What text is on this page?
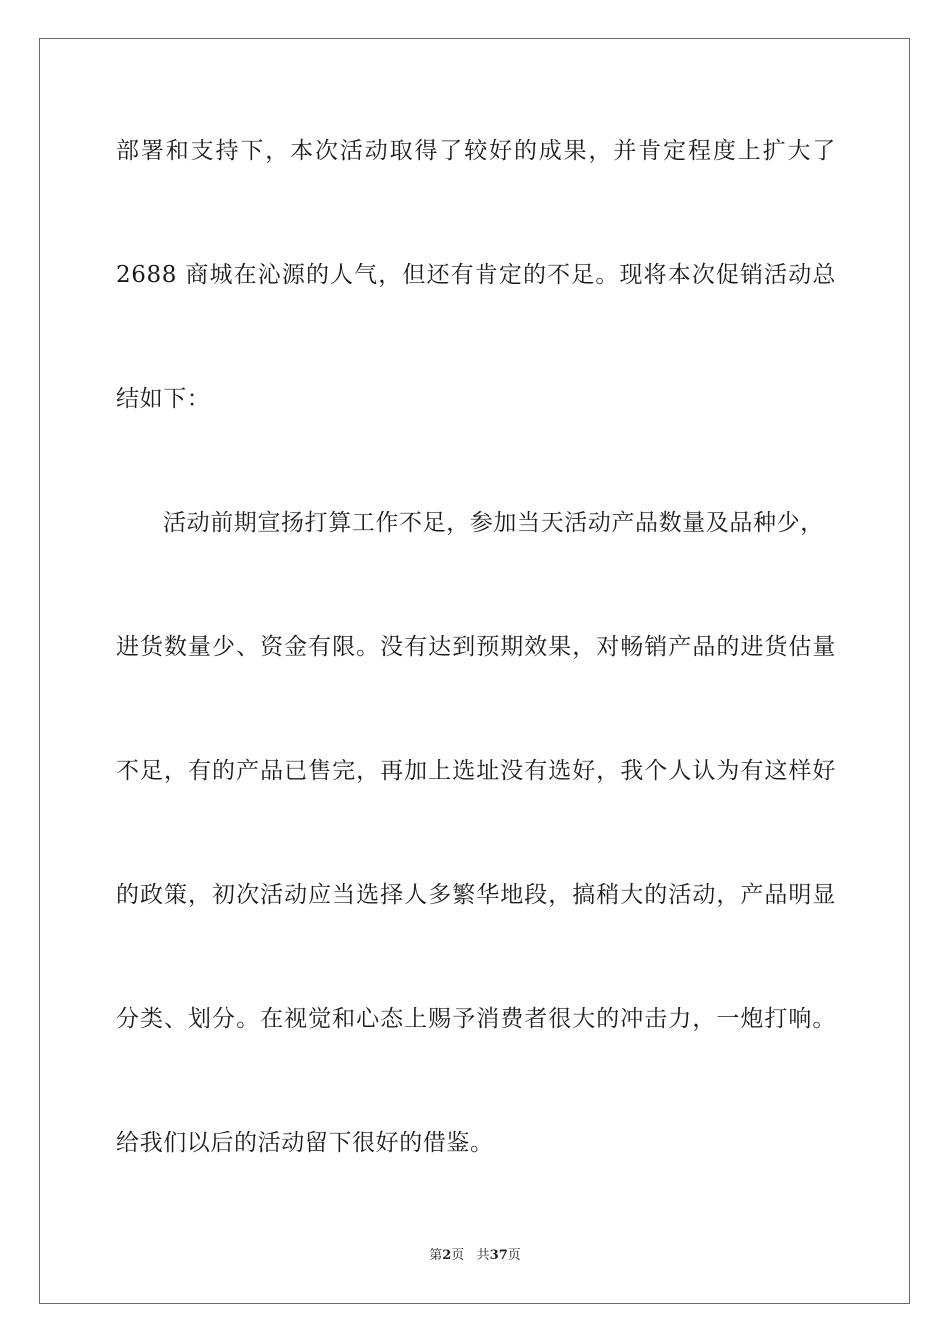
部署和支持下，本次活动取得了较好的成果，并肯定程度上扩大了
2688 商城在沁源的人气，但还有肯定的不足。现将本次促销活动总
结如下：
活动前期宣扬打算工作不足，参加当天活动产品数量及品种少，
进货数量少、资金有限。没有达到预期效果，对畅销产品的进货估量
不足，有的产品已售完，再加上选址没有选好，我个人认为有这样好
的政策，初次活动应当选择人多繁华地段，搞稍大的活动，产品明显
分类、划分。在视觉和心态上赐予消费者很大的冲击力，一炮打响。
给我们以后的活动留下很好的借鉴。
第2页 共37页
